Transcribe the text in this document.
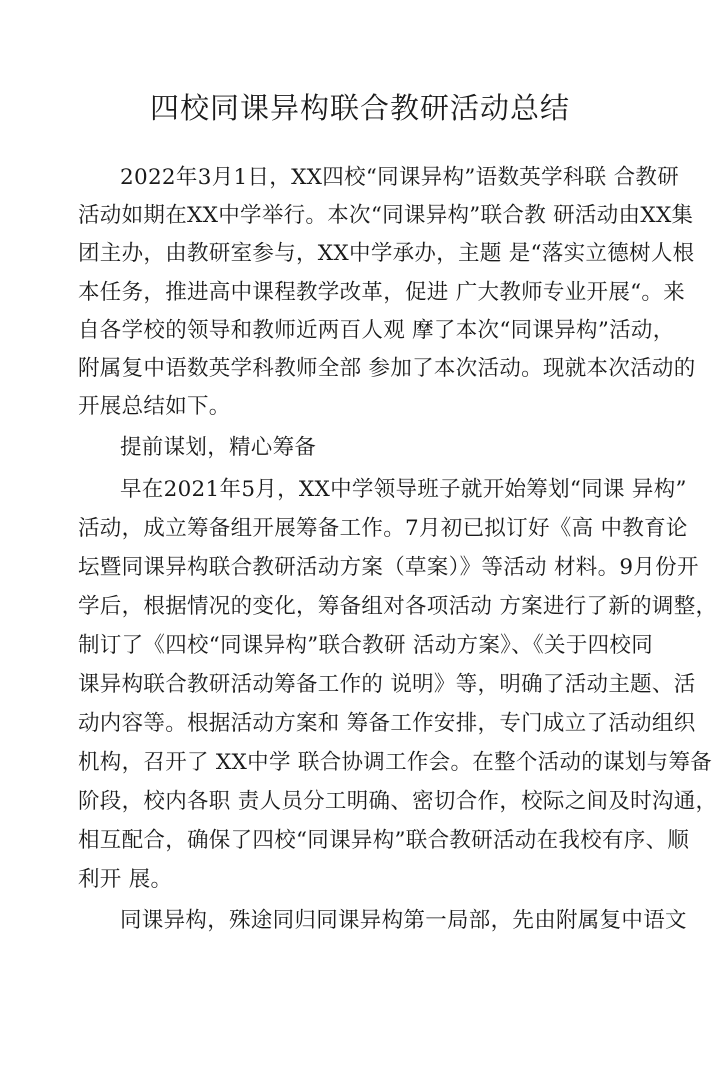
四校同课异构联合教研活动总结
2022年3月1日，XX四校“同课异构”语数英学科联 合教研
活动如期在XX中学举行。本次“同课异构”联合教 研活动由XX集
团主办，由教研室参与，XX中学承办，主题 是“落实立德树人根
本任务，推进高中课程教学改革，促进 广大教师专业开展“。来
自各学校的领导和教师近两百人观 摩了本次“同课异构”活动，
附属复中语数英学科教师全部 参加了本次活动。现就本次活动的
开展总结如下。
提前谋划，精心筹备
早在2021年5月，XX中学领导班子就开始筹划“同课 异构”
活动，成立筹备组开展筹备工作。7月初已拟订好《高 中教育论
坛暨同课异构联合教研活动方案（草案）》等活动 材料。9月份开
学后，根据情况的变化，筹备组对各项活动 方案进行了新的调整，
制订了《四校“同课异构”联合教研 活动方案》、《关于四校同
课异构联合教研活动筹备工作的 说明》等，明确了活动主题、活
动内容等。根据活动方案和 筹备工作安排，专门成立了活动组织
机构，召开了 XX中学 联合协调工作会。在整个活动的谋划与筹备
阶段，校内各职 责人员分工明确、密切合作，校际之间及时沟通，
相互配合，确保了四校“同课异构”联合教研活动在我校有序、顺
利开 展。
同课异构，殊途同归同课异构第一局部，先由附属复中语文
